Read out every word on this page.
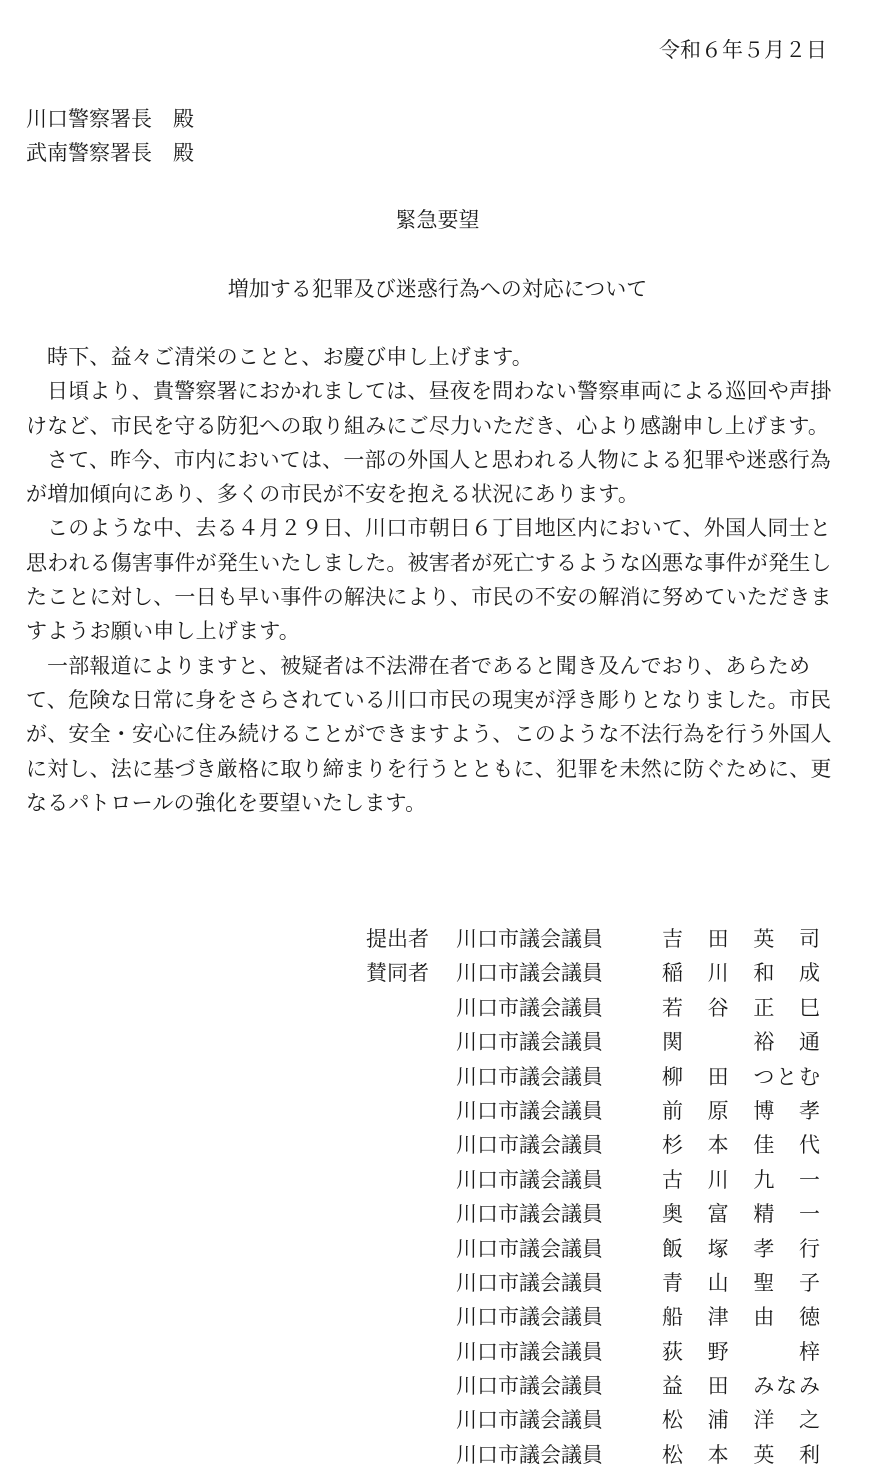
令和６年５月２日
川口警察署長　殿
武南警察署長　殿
緊急要望
増加する犯罪及び迷惑行為への対応について

時下、益々ご清栄のことと、お慶び申し上げます。

日頃より、貴警察署におかれましては、昼夜を問わない警察車両による巡回や声掛けなど、市民を守る防犯への取り組みにご尽力いただき、心より感謝申し上げます。

さて、昨今、市内においては、一部の外国人と思われる人物による犯罪や迷惑行為が増加傾向にあり、多くの市民が不安を抱える状況にあります。

このような中、去る４月２９日、川口市朝日６丁目地区内において、外国人同士と思われる傷害事件が発生いたしました。被害者が死亡するような凶悪な事件が発生したことに対し、一日も早い事件の解決により、市民の不安の解消に努めていただきますようお願い申し上げます。

一部報道によりますと、被疑者は不法滞在者であると聞き及んでおり、あらためて、危険な日常に身をさらされている川口市民の現実が浮き彫りとなりました。市民が、安全・安心に住み続けることができますよう、このような不法行為を行う外国人に対し、法に基づき厳格に取り締まりを行うとともに、犯罪を未然に防ぐために、更なるパトロールの強化を要望いたします。

提出者 川口市議会議員	吉　田　英　司
賛同者 川口市議会議員	稲　川　和　成
川口市議会議員	若　谷　正　巳
川口市議会議員	関　　　裕　通
川口市議会議員	柳　田　つとむ
川口市議会議員	前　原　博　孝
川口市議会議員	杉　本　佳　代
川口市議会議員	古　川　九　一
川口市議会議員	奥　富　精　一
川口市議会議員	飯　塚　孝　行
川口市議会議員	青　山　聖　子
川口市議会議員	船　津　由　徳
川口市議会議員	荻　野　　　梓
川口市議会議員	益　田　みなみ
川口市議会議員	松　浦　洋　之
川口市議会議員	松　本　英　利
